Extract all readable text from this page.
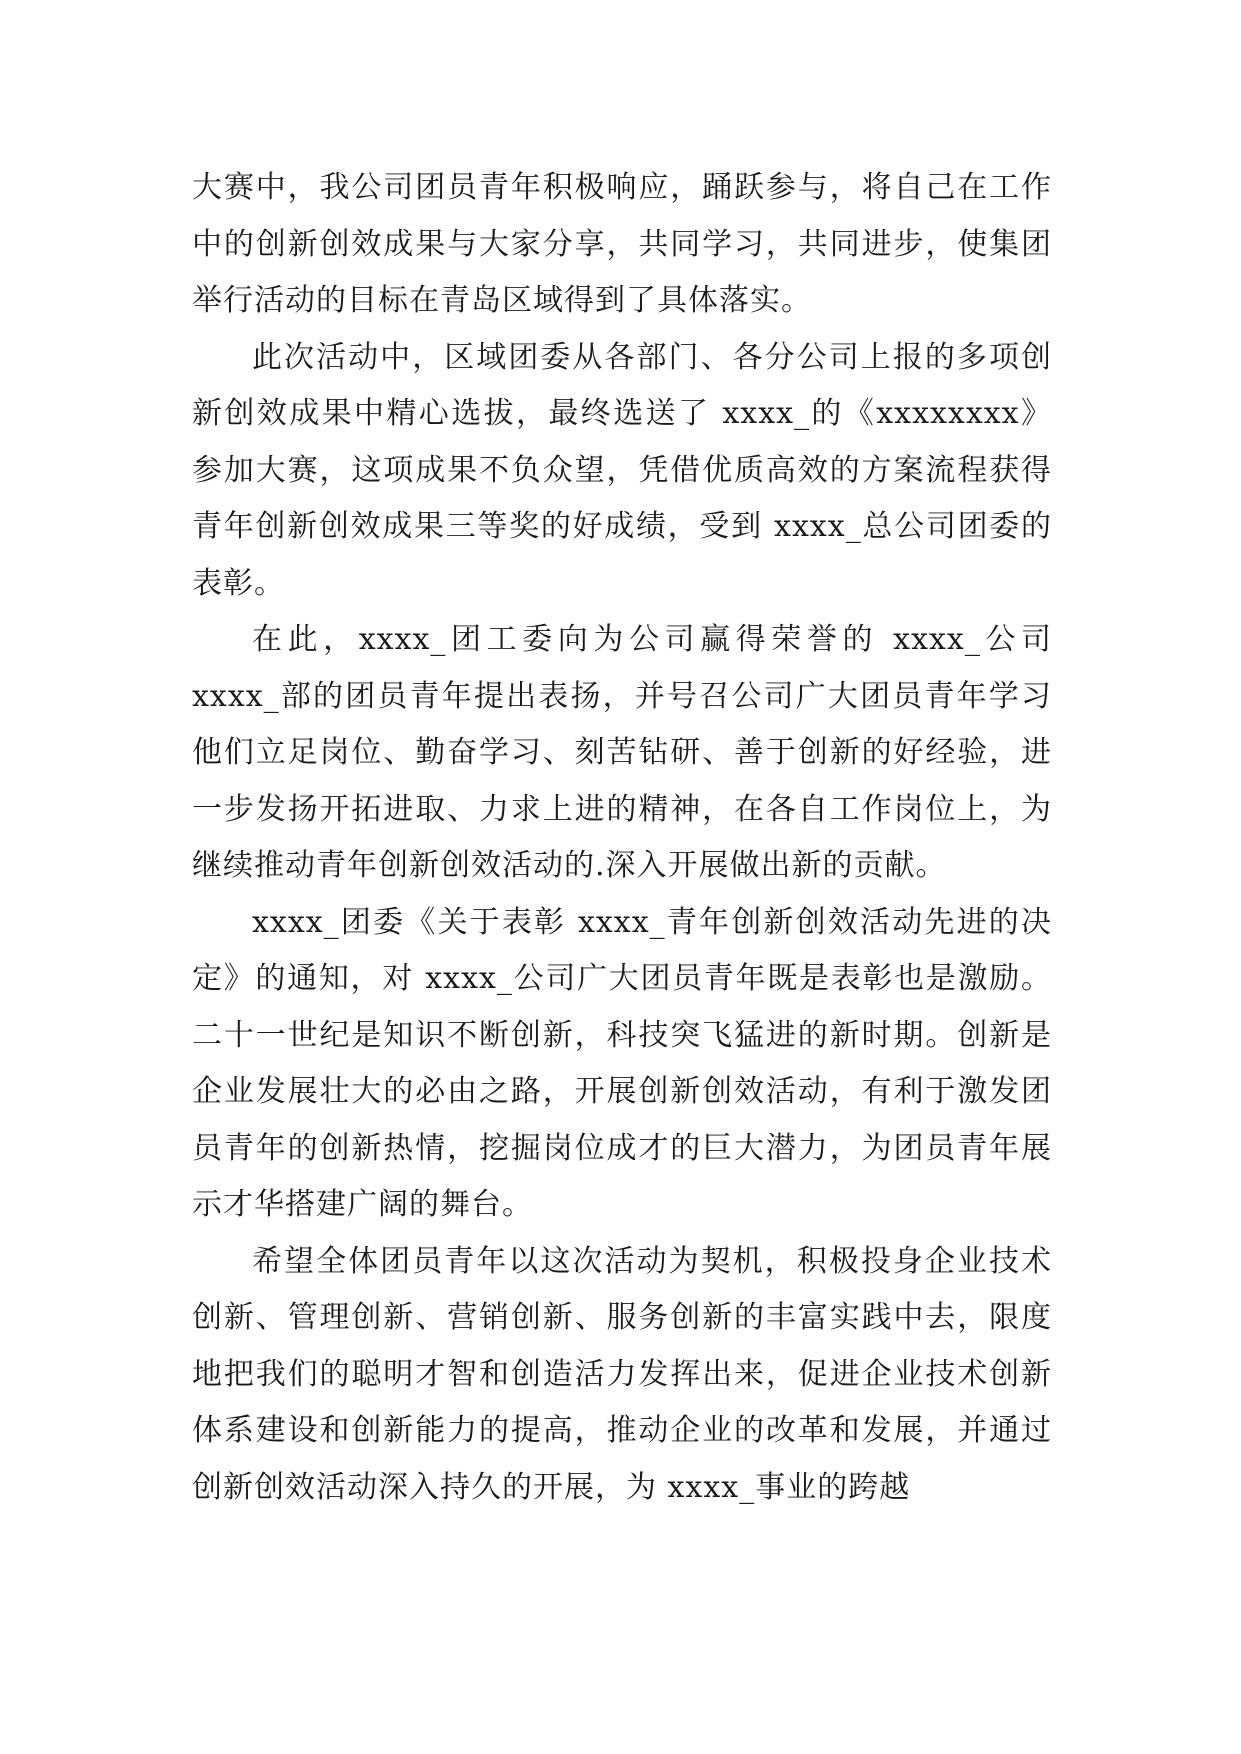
大赛中，我公司团员青年积极响应，踊跃参与，将自己在工作中的创新创效成果与大家分享，共同学习，共同进步，使集团举行活动的目标在青岛区域得到了具体落实。

此次活动中，区域团委从各部门、各分公司上报的多项创新创效成果中精心选拔，最终选送了 xxxx_的《xxxxxxxx》参加大赛，这项成果不负众望，凭借优质高效的方案流程获得青年创新创效成果三等奖的好成绩，受到 xxxx_总公司团委的表彰。

在此，xxxx_团工委向为公司赢得荣誉的 xxxx_公司xxxx_部的团员青年提出表扬，并号召公司广大团员青年学习他们立足岗位、勤奋学习、刻苦钻研、善于创新的好经验，进一步发扬开拓进取、力求上进的精神，在各自工作岗位上，为继续推动青年创新创效活动的.深入开展做出新的贡献。

xxxx_团委《关于表彰 xxxx_青年创新创效活动先进的决定》的通知，对 xxxx_公司广大团员青年既是表彰也是激励。二十一世纪是知识不断创新，科技突飞猛进的新时期。创新是企业发展壮大的必由之路，开展创新创效活动，有利于激发团员青年的创新热情，挖掘岗位成才的巨大潜力，为团员青年展示才华搭建广阔的舞台。

希望全体团员青年以这次活动为契机，积极投身企业技术创新、管理创新、营销创新、服务创新的丰富实践中去，限度地把我们的聪明才智和创造活力发挥出来，促进企业技术创新体系建设和创新能力的提高，推动企业的改革和发展，并通过创新创效活动深入持久的开展，为 xxxx_事业的跨越
